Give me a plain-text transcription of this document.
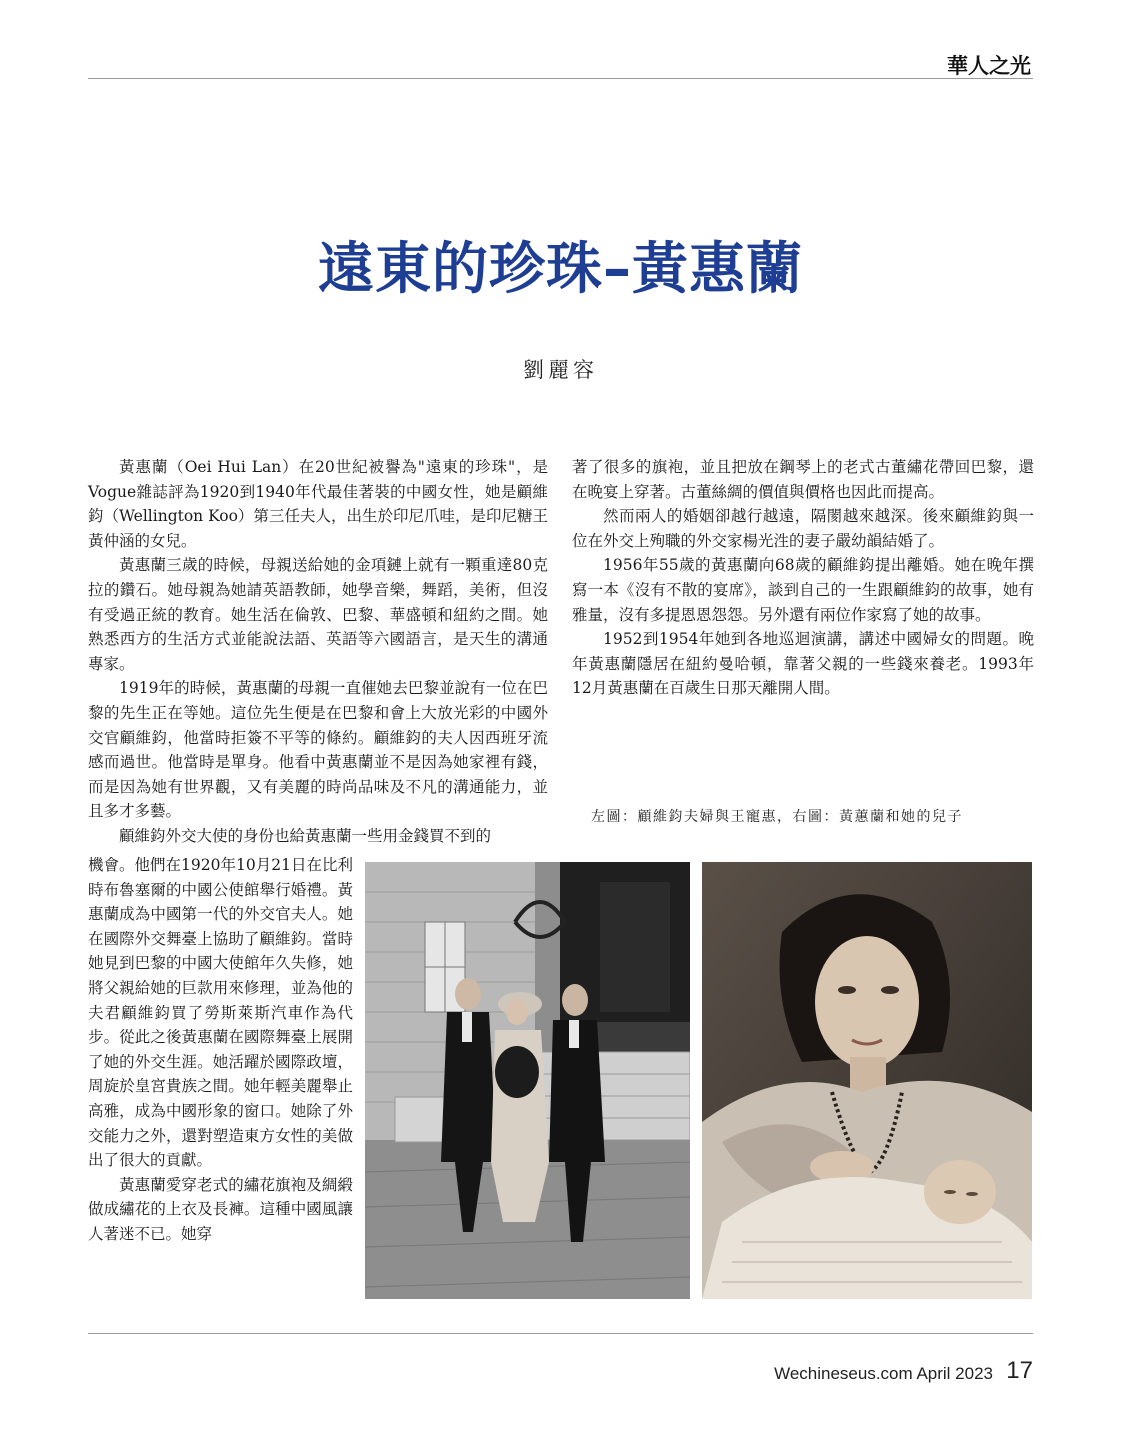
華人之光
遠東的珍珠–黃惠蘭
劉麗容

黃惠蘭（Oei Hui Lan）在20世紀被譽為"遠東的珍珠"，是Vogue雜誌評為1920到1940年代最佳著裝的中國女性，她是顧維鈞（Wellington Koo）第三任夫人，出生於印尼爪哇，是印尼糖王黃仲涵的女兒。

黃惠蘭三歲的時候，母親送給她的金項鏈上就有一顆重達80克拉的鑽石。她母親為她請英語教師，她學音樂，舞蹈，美術，但沒有受過正統的教育。她生活在倫敦、巴黎、華盛頓和紐約之間。她熟悉西方的生活方式並能說法語、英語等六國語言，是天生的溝通專家。

1919年的時候，黃惠蘭的母親一直催她去巴黎並說有一位在巴黎的先生正在等她。這位先生便是在巴黎和會上大放光彩的中國外交官顧維鈞，他當時拒簽不平等的條約。顧維鈞的夫人因西班牙流感而過世。他當時是單身。他看中黃惠蘭並不是因為她家裡有錢，而是因為她有世界觀，又有美麗的時尚品味及不凡的溝通能力，並且多才多藝。

顧維鈞外交大使的身份也給黃惠蘭一些用金錢買不到的

機會。他們在1920年10月21日在比利時布魯塞爾的中國公使館舉行婚禮。黃惠蘭成為中國第一代的外交官夫人。她在國際外交舞臺上協助了顧維鈞。當時她見到巴黎的中國大使館年久失修，她將父親給她的巨款用來修理，並為他的夫君顧維鈞買了勞斯萊斯汽車作為代步。從此之後黃惠蘭在國際舞臺上展開了她的外交生涯。她活躍於國際政壇，周旋於皇宮貴族之間。她年輕美麗舉止高雅，成為中國形象的窗口。她除了外交能力之外，還對塑造東方女性的美做出了很大的貢獻。

黃惠蘭愛穿老式的繡花旗袍及綢緞做成繡花的上衣及長褲。這種中國風讓人著迷不已。她穿

著了很多的旗袍，並且把放在鋼琴上的老式古董繡花帶回巴黎，還在晚宴上穿著。古董絲綢的價值與價格也因此而提高。

然而兩人的婚姻卻越行越遠，隔閡越來越深。後來顧維鈞與一位在外交上殉職的外交家楊光泩的妻子嚴幼韻結婚了。

1956年55歲的黃惠蘭向68歲的顧維鈞提出離婚。她在晚年撰寫一本《沒有不散的宴席》，談到自己的一生跟顧維鈞的故事，她有雅量，沒有多提恩恩怨怨。另外還有兩位作家寫了她的故事。

1952到1954年她到各地巡迴演講，講述中國婦女的問題。晚年黃惠蘭隱居在紐約曼哈頓，靠著父親的一些錢來養老。1993年12月黃惠蘭在百歲生日那天離開人間。

左圖：顧維鈞夫婦與王寵惠，右圖：黃蕙蘭和她的兒子
Wechineseus.com April 2023 17
